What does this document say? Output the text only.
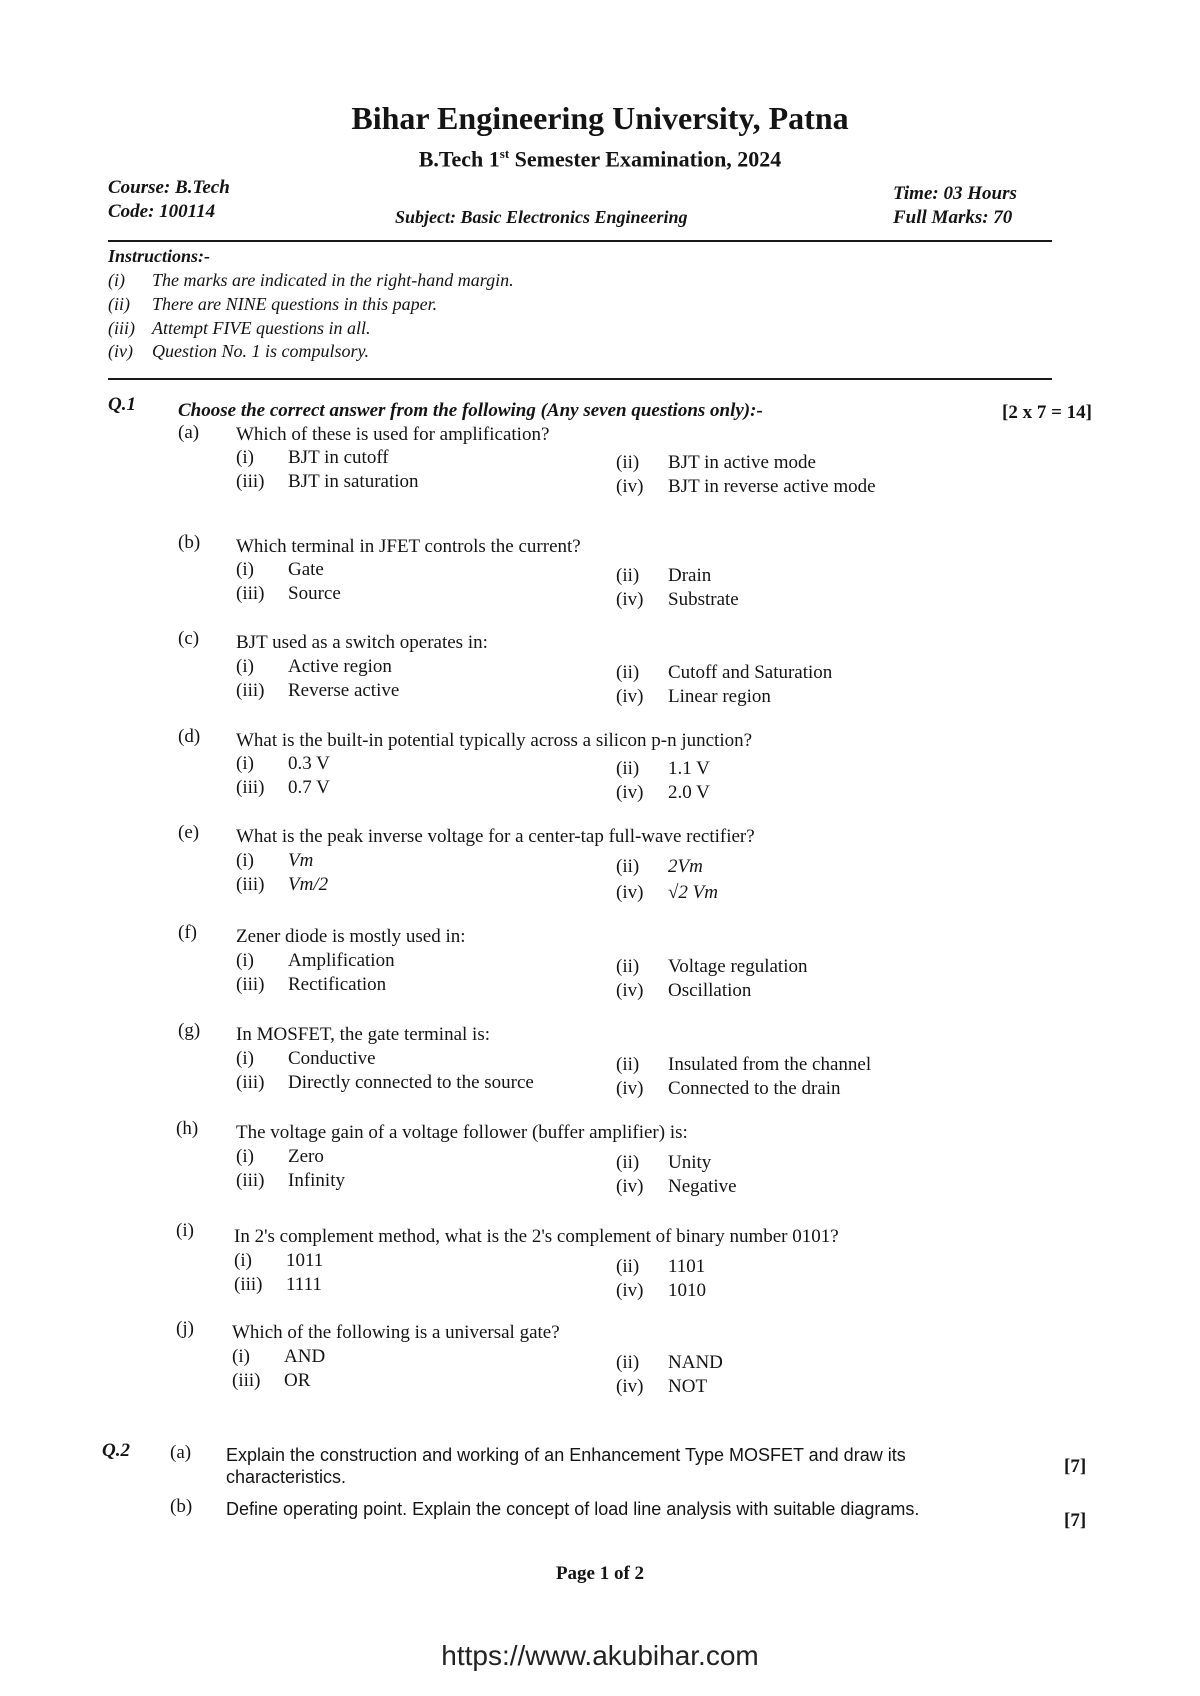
Bihar Engineering University, Patna
B.Tech 1st Semester Examination, 2024
Course: B.Tech
Code: 100114	Subject: Basic Electronics Engineering
Time: 03 Hours
Full Marks: 70
Instructions:-
(i) The marks are indicated in the right-hand margin.
(ii) There are NINE questions in this paper.
(iii) Attempt FIVE questions in all.
(iv) Question No. 1 is compulsory.
Q.1 Choose the correct answer from the following (Any seven questions only):-	[2 x 7 = 14]
(a) Which of these is used for amplification?
(i) BJT in cutoff	(ii) BJT in active mode
(iii) BJT in saturation	(iv) BJT in reverse active mode
(b) Which terminal in JFET controls the current?
(i) Gate	(ii) Drain
(iii) Source	(iv) Substrate
(c) BJT used as a switch operates in:
(i) Active region	(ii) Cutoff and Saturation
(iii) Reverse active	(iv) Linear region
(d) What is the built-in potential typically across a silicon p-n junction?
(i) 0.3 V	(ii) 1.1 V
(iii) 0.7 V	(iv) 2.0 V
(e) What is the peak inverse voltage for a center-tap full-wave rectifier?
(i) Vm	(ii) 2Vm
(iii) Vm/2	(iv) √2 Vm
(f) Zener diode is mostly used in:
(i) Amplification	(ii) Voltage regulation
(iii) Rectification	(iv) Oscillation
(g) In MOSFET, the gate terminal is:
(i) Conductive	(ii) Insulated from the channel
(iii) Directly connected to the source	(iv) Connected to the drain
(h) The voltage gain of a voltage follower (buffer amplifier) is:
(i) Zero	(ii) Unity
(iii) Infinity	(iv) Negative
(i) In 2's complement method, what is the 2's complement of binary number 0101?
(i) 1011	(ii) 1101
(iii) 1111	(iv) 1010
(j) Which of the following is a universal gate?
(i) AND	(ii) NAND
(iii) OR	(iv) NOT
Q.2 (a) Explain the construction and working of an Enhancement Type MOSFET and draw its characteristics.	[7]
(b) Define operating point. Explain the concept of load line analysis with suitable diagrams.
[7]
Page 1 of 2
https://www.akubihar.com
